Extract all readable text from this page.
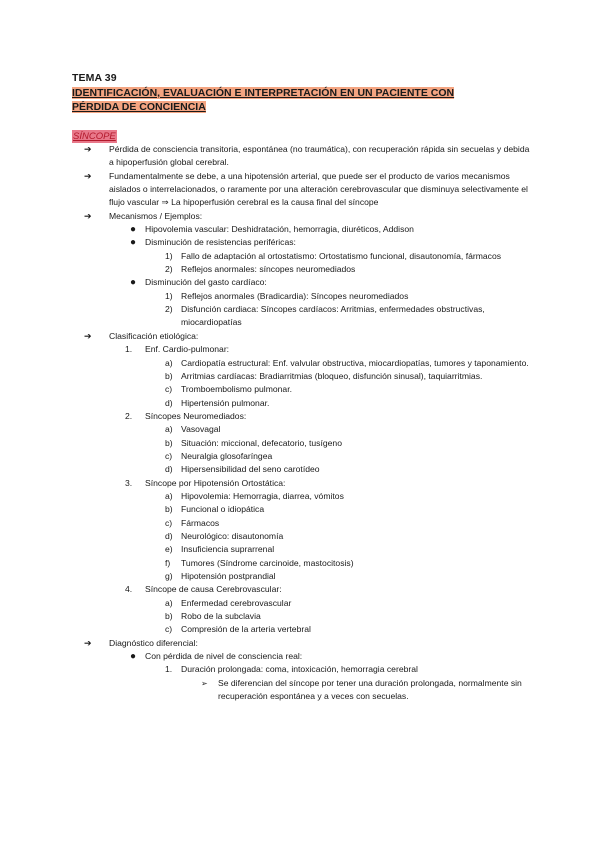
TEMA 39
IDENTIFICACIÓN, EVALUACIÓN E INTERPRETACIÓN EN UN PACIENTE CON PÉRDIDA DE CONCIENCIA
SÍNCOPE
➔ Pérdida de consciencia transitoria, espontánea (no traumática), con recuperación rápida sin secuelas y debida a hipoperfusión global cerebral.
➔ Fundamentalmente se debe, a una hipotensión arterial, que puede ser el producto de varios mecanismos aislados o interrelacionados, o raramente por una alteración cerebrovascular que disminuya selectivamente el flujo vascular ⇒ La hipoperfusión cerebral es la causa final del síncope
➔ Mecanismos / Ejemplos:
● Hipovolemia vascular: Deshidratación, hemorragia, diuréticos, Addison
● Disminución de resistencias periféricas:
1) Fallo de adaptación al ortostatismo: Ortostatismo funcional, disautonomía, fármacos
2) Reflejos anormales: síncopes neuromediados
● Disminución del gasto cardíaco:
1) Reflejos anormales (Bradicardia): Síncopes neuromediados
2) Disfunción cardiaca: Síncopes cardíacos: Arritmias, enfermedades obstructivas, miocardiopatías
➔ Clasificación etiológica:
1. Enf. Cardio-pulmonar:
a) Cardiopatía estructural: Enf. valvular obstructiva, miocardiopatías, tumores y taponamiento.
b) Arritmias cardíacas: Bradiarritmias (bloqueo, disfunción sinusal), taquiarritmias.
c) Tromboembolismo pulmonar.
d) Hipertensión pulmonar.
2. Síncopes Neuromediados:
a) Vasovagal
b) Situación: miccional, defecatorio, tusígeno
c) Neuralgia glosofaríngea
d) Hipersensibilidad del seno carotídeo
3. Síncope por Hipotensión Ortostática:
a) Hipovolemia: Hemorragia, diarrea, vómitos
b) Funcional o idiopática
c) Fármacos
d) Neurológico: disautonomía
e) Insuficiencia suprarrenal
f) Tumores (Síndrome carcinoide, mastocitosis)
g) Hipotensión postprandial
4. Síncope de causa Cerebrovascular:
a) Enfermedad cerebrovascular
b) Robo de la subclavia
c) Compresión de la arteria vertebral
➔ Diagnóstico diferencial:
● Con pérdida de nivel de consciencia real:
1. Duración prolongada: coma, intoxicación, hemorragia cerebral
➢ Se diferencian del síncope por tener una duración prolongada, normalmente sin recuperación espontánea y a veces con secuelas.
